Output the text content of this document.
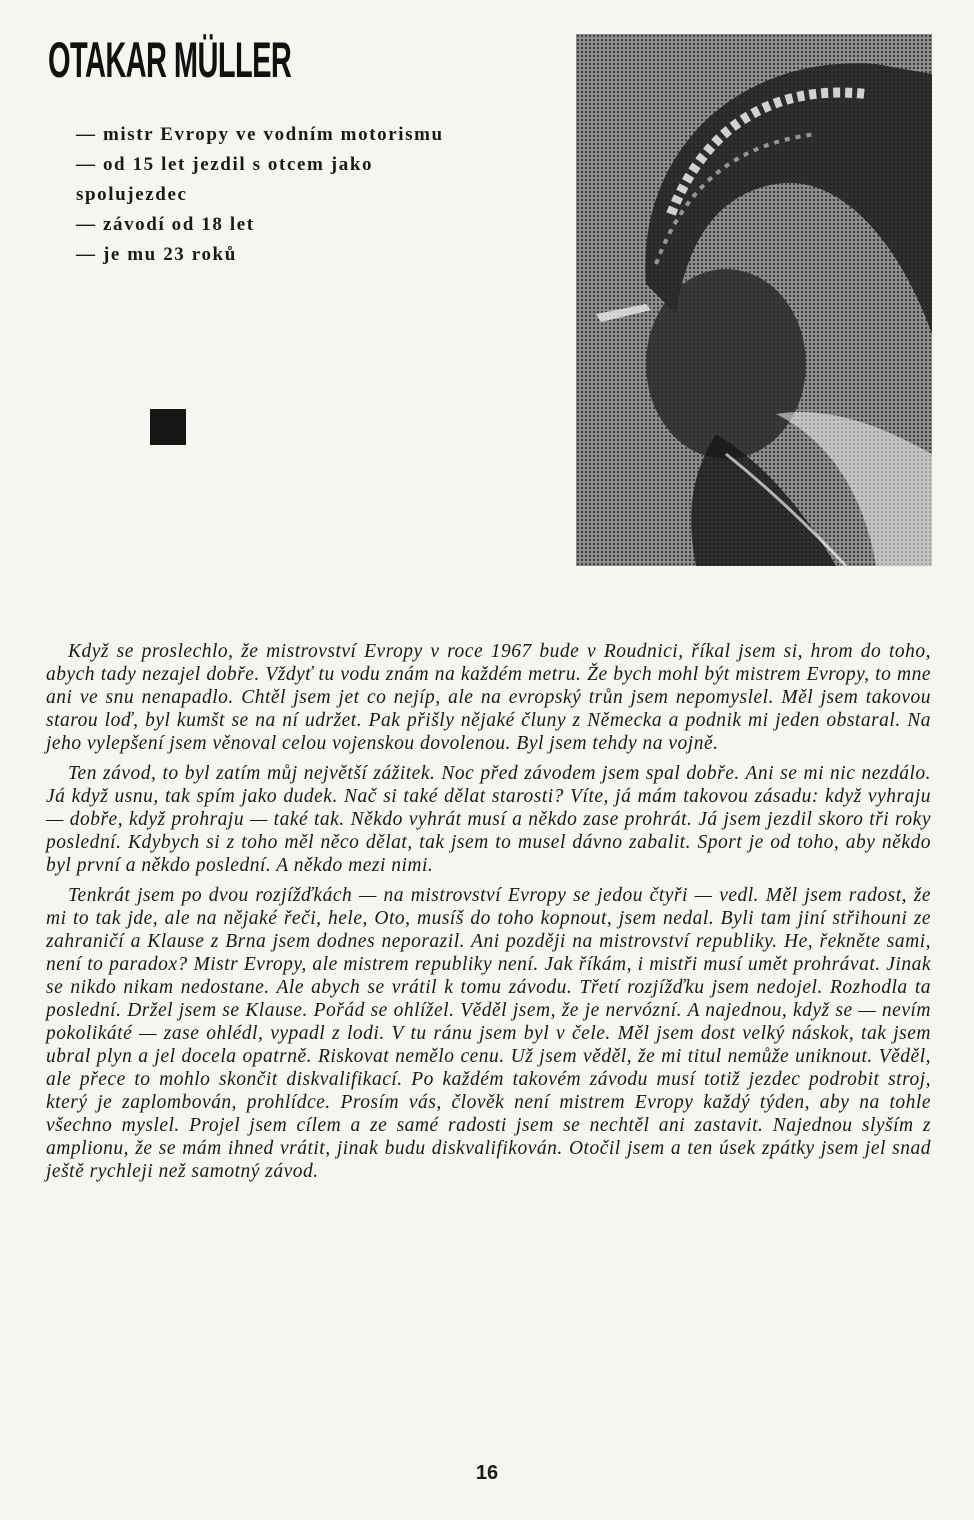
OTAKAR MÜLLER
— mistr Evropy ve vodním motorismu
— od 15 let jezdil s otcem jako spolujezdec
— závodí od 18 let
— je mu 23 roků

Když se proslechlo, že mistrovství Evropy v roce 1967 bude v Roudnici, říkal jsem si, hrom do toho, abych tady nezajel dobře. Vždyť tu vodu znám na každém metru. Že bych mohl být mistrem Evropy, to mne ani ve snu nenapadlo. Chtěl jsem jet co nejíp, ale na evropský trůn jsem nepomyslel. Měl jsem takovou starou loď, byl kumšt se na ní udržet. Pak přišly nějaké čluny z Německa a podnik mi jeden obstaral. Na jeho vylepšení jsem věnoval celou vojenskou dovolenou. Byl jsem tehdy na vojně.

Ten závod, to byl zatím můj největší zážitek. Noc před závodem jsem spal dobře. Ani se mi nic nezdálo. Já když usnu, tak spím jako dudek. Nač si také dělat starosti? Víte, já mám takovou zásadu: když vyhraju — dobře, když prohraju — také tak. Někdo vyhrát musí a někdo zase prohrát. Já jsem jezdil skoro tři roky poslední. Kdybych si z toho měl něco dělat, tak jsem to musel dávno zabalit. Sport je od toho, aby někdo byl první a někdo poslední. A někdo mezi nimi.

Tenkrát jsem po dvou rozjížďkách — na mistrovství Evropy se jedou čtyři — vedl. Měl jsem radost, že mi to tak jde, ale na nějaké řeči, hele, Oto, musíš do toho kopnout, jsem nedal. Byli tam jiní střihouni ze zahraničí a Klause z Brna jsem dodnes neporazil. Ani později na mistrovství republiky. He, řekněte sami, není to paradox? Mistr Evropy, ale mistrem republiky není. Jak říkám, i mistři musí umět prohrávat. Jinak se nikdo nikam nedostane. Ale abych se vrátil k tomu závodu. Třetí rozjížďku jsem nedojel. Rozhodla ta poslední. Držel jsem se Klause. Pořád se ohlížel. Věděl jsem, že je nervózní. A najednou, když se — nevím pokolikáté — zase ohlédl, vypadl z lodi. V tu ránu jsem byl v čele. Měl jsem dost velký náskok, tak jsem ubral plyn a jel docela opatrně. Riskovat nemělo cenu. Už jsem věděl, že mi titul nemůže uniknout. Věděl, ale přece to mohlo skončit diskvalifikací. Po každém takovém závodu musí totiž jezdec podrobit stroj, který je zaplombován, prohlídce. Prosím vás, člověk není mistrem Evropy každý týden, aby na tohle všechno myslel. Projel jsem cílem a ze samé radosti jsem se nechtěl ani zastavit. Najednou slyším z amplionu, že se mám ihned vrátit, jinak budu diskvalifikován. Otočil jsem a ten úsek zpátky jsem jel snad ještě rychleji než samotný závod.

16
